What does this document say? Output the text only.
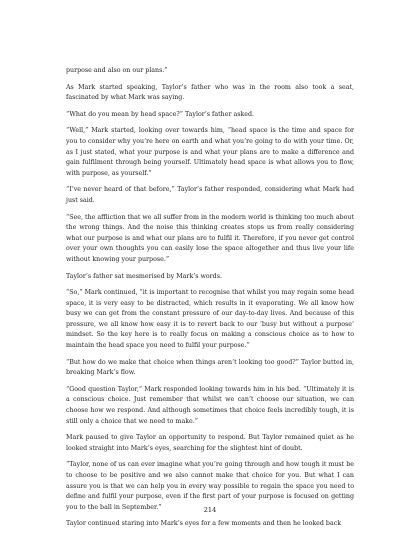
purpose and also on our plans.”

As Mark started speaking, Taylor’s father who was in the room also took a seat, fascinated by what Mark was saying.

“What do you mean by head space?” Taylor’s father asked.

“Well,” Mark started, looking over towards him, “head space is the time and space for you to consider why you’re here on earth and what you’re going to do with your time. Or, as I just stated, what your purpose is and what your plans are to make a difference and gain fulfilment through being yourself. Ultimately head space is what allows you to flow, with purpose, as yourself.”

“I’ve never heard of that before,” Taylor’s father responded, considering what Mark had just said.

“See, the affliction that we all suffer from in the modern world is thinking too much about the wrong things. And the noise this thinking creates stops us from really considering what our purpose is and what our plans are to fulfil it. Therefore, if you never get control over your own thoughts you can easily lose the space altogether and thus live your life without knowing your purpose.”

Taylor’s father sat mesmerised by Mark’s words.

“So,” Mark continued, “it is important to recognise that whilst you may regain some head space, it is very easy to be distracted, which results in it evaporating. We all know how busy we can get from the constant pressure of our day-to-day lives. And because of this pressure, we all know how easy it is to revert back to our ‘busy but without a purpose’ mindset. So the key here is to really focus on making a conscious choice as to how to maintain the head space you need to fulfil your purpose.”

“But how do we make that choice when things aren’t looking too good?” Taylor butted in, breaking Mark’s flow.

“Good question Taylor,” Mark responded looking towards him in his bed. “Ultimately it is a conscious choice. Just remember that whilst we can’t choose our situation, we can choose how we respond. And although sometimes that choice feels incredibly tough, it is still only a choice that we need to make.”

Mark paused to give Taylor an opportunity to respond. But Taylor remained quiet as he looked straight into Mark’s eyes, searching for the slightest hint of doubt.

“Taylor, none of us can ever imagine what you’re going through and how tough it must be to choose to be positive and we also cannot make that choice for you. But what I can assure you is that we can help you in every way possible to regain the space you need to define and fulfil your purpose, even if the first part of your purpose is focused on getting you to the ball in September.”

Taylor continued staring into Mark’s eyes for a few moments and then he looked back

214
